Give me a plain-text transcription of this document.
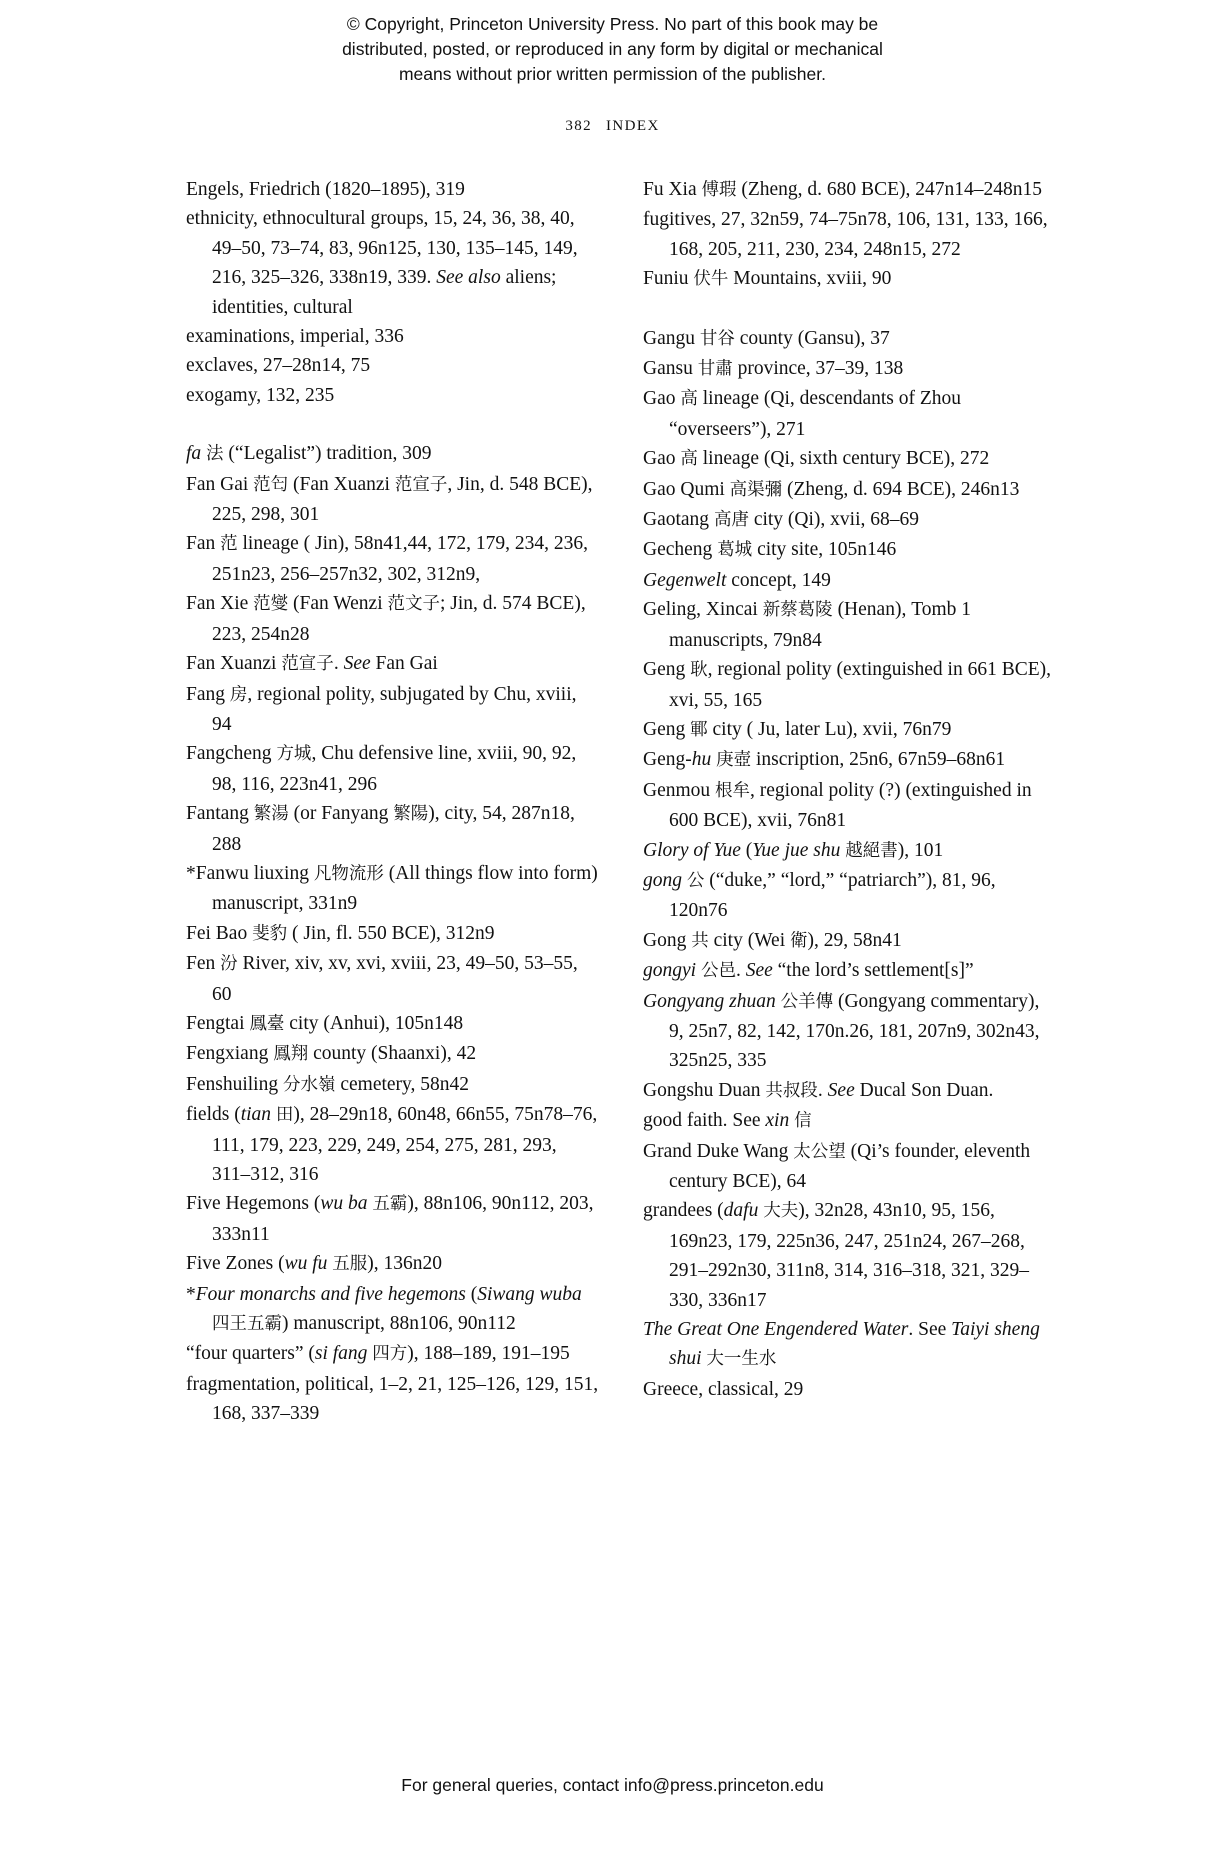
© Copyright, Princeton University Press. No part of this book may be
distributed, posted, or reproduced in any form by digital or mechanical
means without prior written permission of the publisher.
382 INDEX
Engels, Friedrich (1820–1895), 319
ethnicity, ethnocultural groups, 15, 24, 36, 38, 40, 49–50, 73–74, 83, 96n125, 130, 135–145, 149, 216, 325–326, 338n19, 339. See also aliens; identities, cultural
examinations, imperial, 336
exclaves, 27–28n14, 75
exogamy, 132, 235
fa 法 (“Legalist”) tradition, 309
Fan Gai 范匄 (Fan Xuanzi 范宣子, Jin, d. 548 BCE), 225, 298, 301
Fan 范 lineage ( Jin), 58n41,44, 172, 179, 234, 236, 251n23, 256–257n32, 302, 312n9,
Fan Xie 范燮 (Fan Wenzi 范文子; Jin, d. 574 BCE), 223, 254n28
Fan Xuanzi 范宣子. See Fan Gai
Fang 房, regional polity, subjugated by Chu, xviii, 94
Fangcheng 方城, Chu defensive line, xviii, 90, 92, 98, 116, 223n41, 296
Fantang 繁湯 (or Fanyang 繁陽), city, 54, 287n18, 288
*Fanwu liuxing 凡物流形 (All things flow into form) manuscript, 331n9
Fei Bao 斐豹 ( Jin, fl. 550 BCE), 312n9
Fen 汾 River, xiv, xv, xvi, xviii, 23, 49–50, 53–55, 60
Fengtai 鳳臺 city (Anhui), 105n148
Fengxiang 鳳翔 county (Shaanxi), 42
Fenshuiling 分水嶺 cemetery, 58n42
fields (tian 田), 28–29n18, 60n48, 66n55, 75n78–76, 111, 179, 223, 229, 249, 254, 275, 281, 293, 311–312, 316
Five Hegemons (wu ba 五霸), 88n106, 90n112, 203, 333n11
Five Zones (wu fu 五服), 136n20
*Four monarchs and five hegemons (Siwang wuba 四王五霸) manuscript, 88n106, 90n112
“four quarters” (si fang 四方), 188–189, 191–195
fragmentation, political, 1–2, 21, 125–126, 129, 151, 168, 337–339
Fu Xia 傅瑕 (Zheng, d. 680 BCE), 247n14–248n15
fugitives, 27, 32n59, 74–75n78, 106, 131, 133, 166, 168, 205, 211, 230, 234, 248n15, 272
Funiu 伏牛 Mountains, xviii, 90
Gangu 甘谷 county (Gansu), 37
Gansu 甘肅 province, 37–39, 138
Gao 高 lineage (Qi, descendants of Zhou “overseers”), 271
Gao 高 lineage (Qi, sixth century BCE), 272
Gao Qumi 高渠彌 (Zheng, d. 694 BCE), 246n13
Gaotang 高唐 city (Qi), xvii, 68–69
Gecheng 葛城 city site, 105n146
Gegenwelt concept, 149
Geling, Xincai 新蔡葛陵 (Henan), Tomb 1 manuscripts, 79n84
Geng 耿, regional polity (extinguished in 661 BCE), xvi, 55, 165
Geng 鄆 city ( Ju, later Lu), xvii, 76n79
Geng-hu 庚壺 inscription, 25n6, 67n59–68n61
Genmou 根牟, regional polity (?) (extinguished in 600 BCE), xvii, 76n81
Glory of Yue (Yue jue shu 越絕書), 101
gong 公 (“duke,” “lord,” “patriarch”), 81, 96, 120n76
Gong 共 city (Wei 衛), 29, 58n41
gongyi 公邑. See “the lord’s settlement[s]”
Gongyang zhuan 公羊傳 (Gongyang commentary), 9, 25n7, 82, 142, 170n.26, 181, 207n9, 302n43, 325n25, 335
Gongshu Duan 共叔段. See Ducal Son Duan.
good faith. See xin 信
Grand Duke Wang 太公望 (Qi’s founder, eleventh century BCE), 64
grandees (dafu 大夫), 32n28, 43n10, 95, 156, 169n23, 179, 225n36, 247, 251n24, 267–268, 291–292n30, 311n8, 314, 316–318, 321, 329–330, 336n17
The Great One Engendered Water. See Taiyi sheng shui 大一生水
Greece, classical, 29
For general queries, contact info@press.princeton.edu
